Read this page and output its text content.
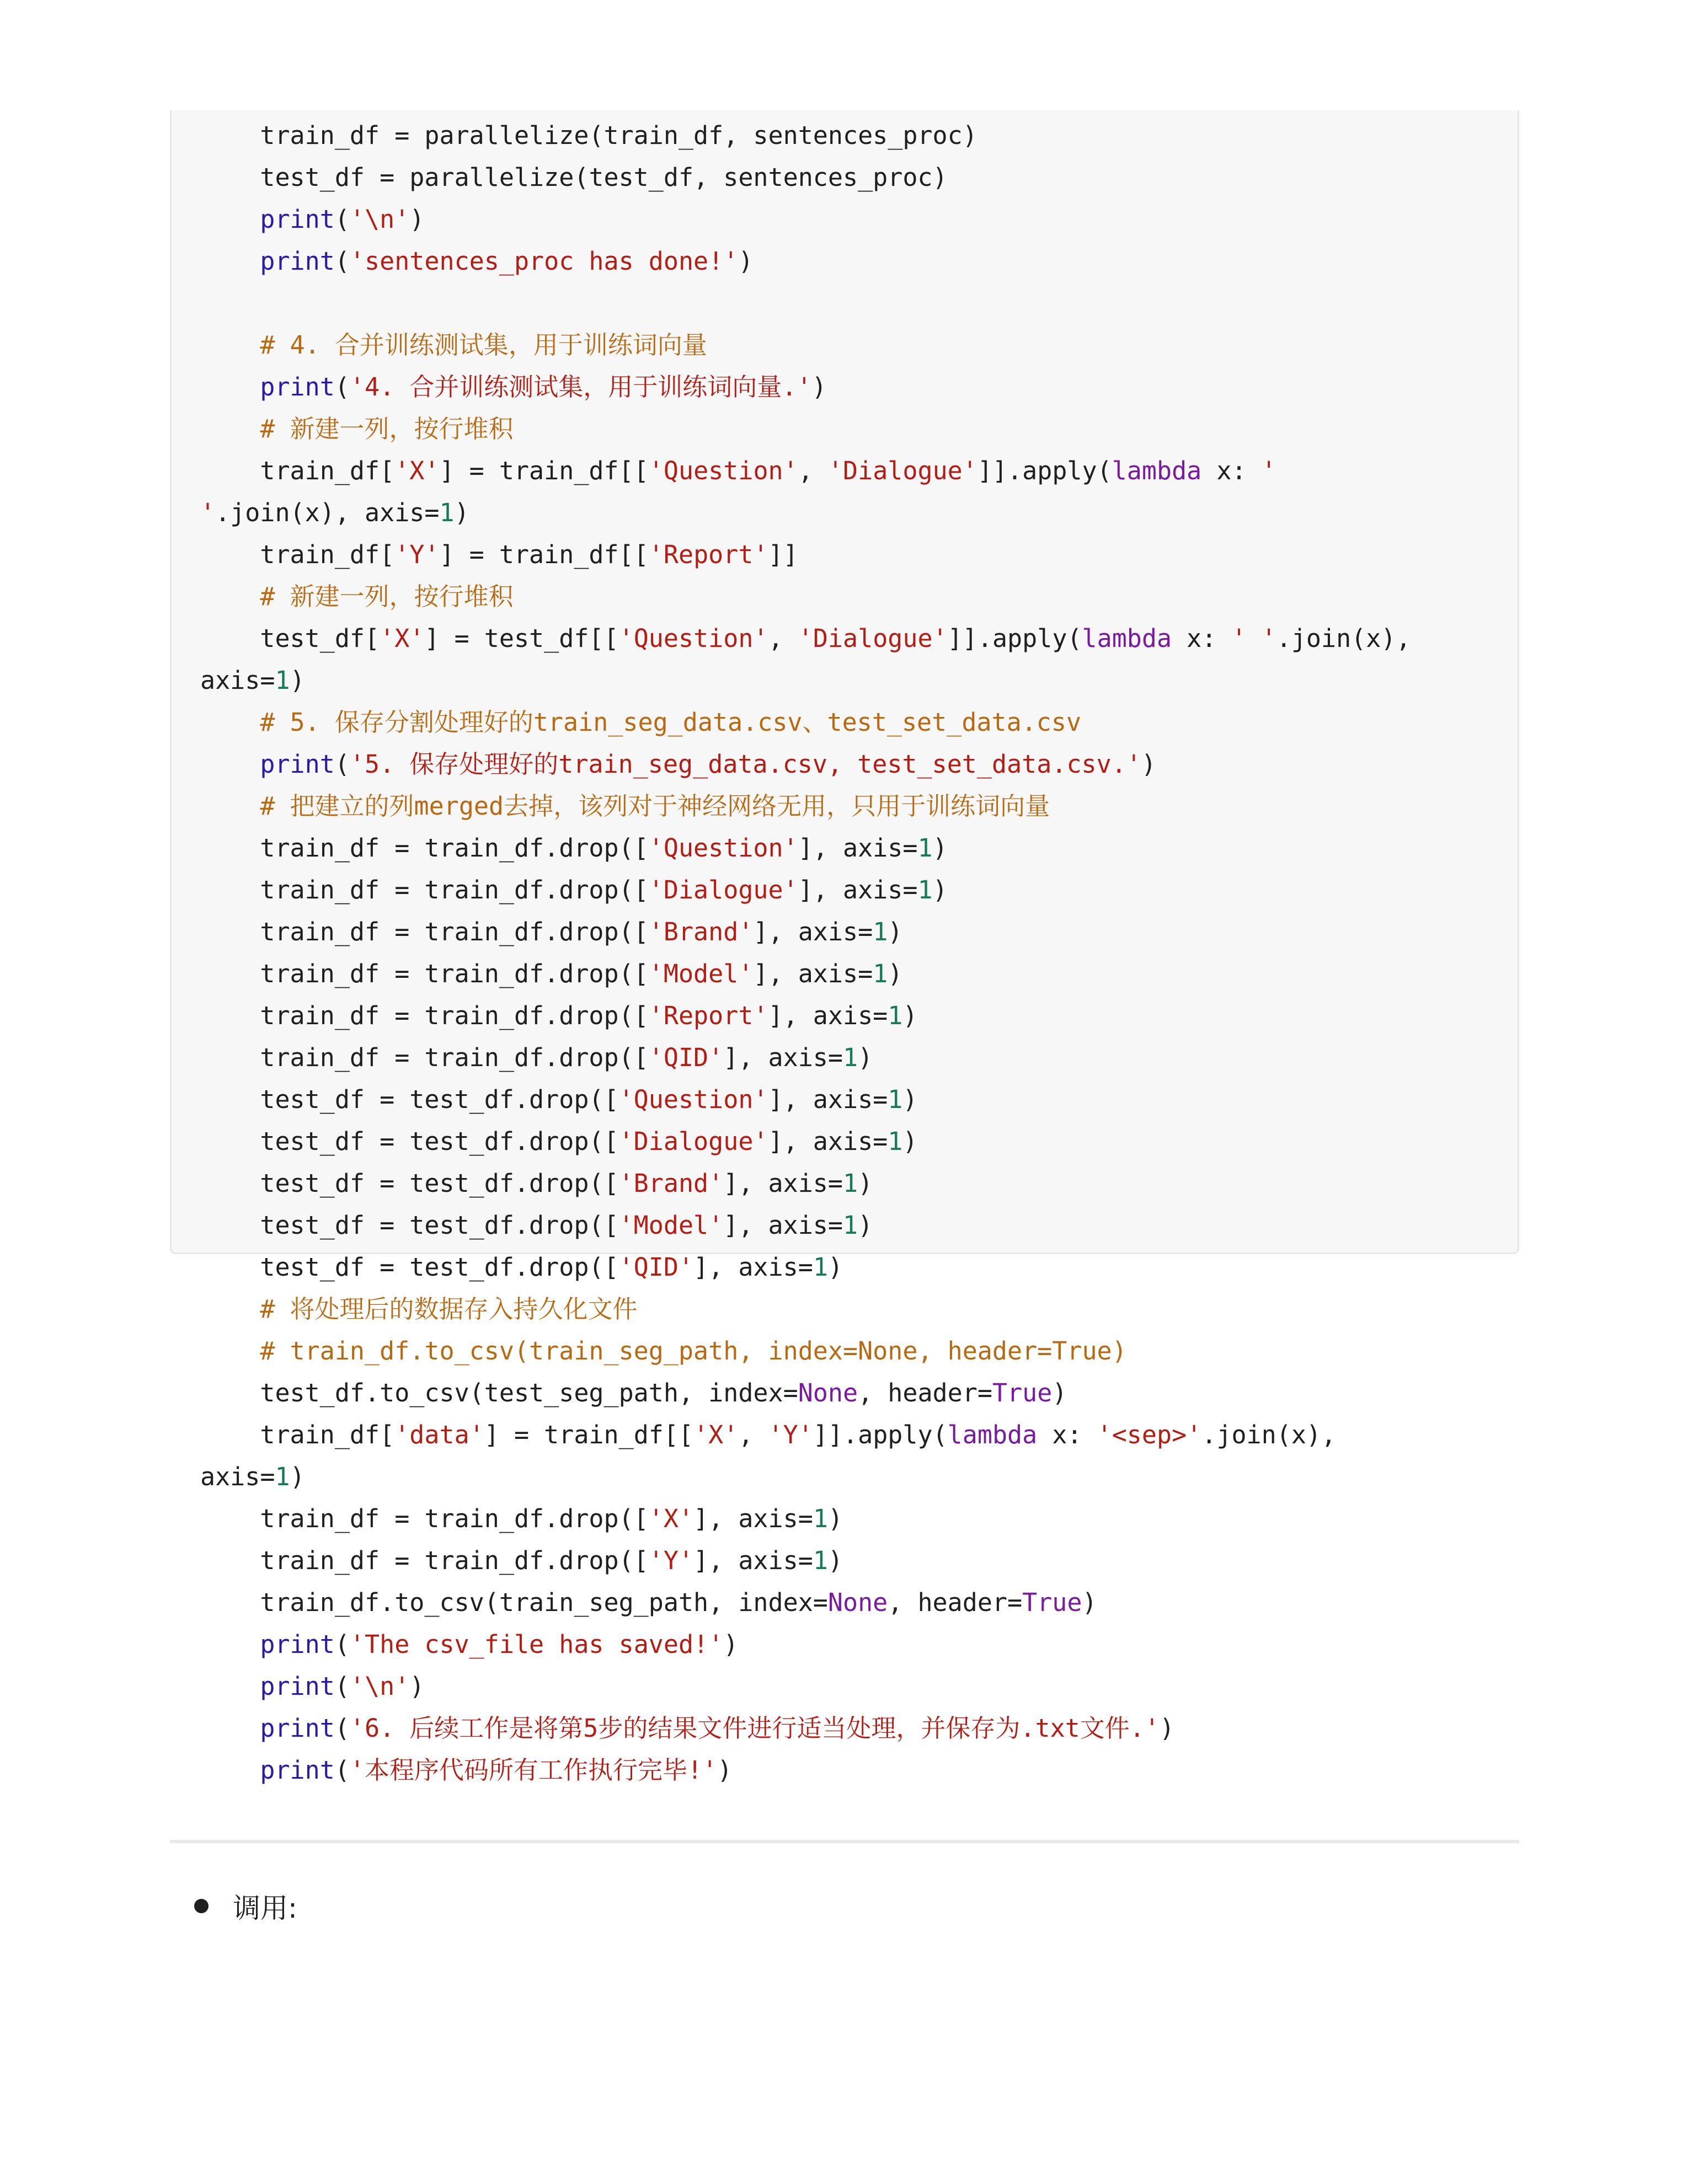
train_df = parallelize(train_df, sentences_proc)
test_df = parallelize(test_df, sentences_proc)
print('\n')
print('sentences_proc has done!')
# 4. 合并训练测试集，用于训练词向量
print('4. 合并训练测试集，用于训练词向量.')
# 新建一列，按行堆积
train_df['X'] = train_df[['Question', 'Dialogue']].apply(lambda x: '
'.join(x), axis=1)
train_df['Y'] = train_df[['Report']]
# 新建一列，按行堆积
test_df['X'] = test_df[['Question', 'Dialogue']].apply(lambda x: ' '.join(x),
axis=1)
# 5. 保存分割处理好的train_seg_data.csv、test_set_data.csv
print('5. 保存处理好的train_seg_data.csv, test_set_data.csv.')
# 把建立的列merged去掉，该列对于神经网络无用，只用于训练词向量
train_df = train_df.drop(['Question'], axis=1)
train_df = train_df.drop(['Dialogue'], axis=1)
train_df = train_df.drop(['Brand'], axis=1)
train_df = train_df.drop(['Model'], axis=1)
train_df = train_df.drop(['Report'], axis=1)
train_df = train_df.drop(['QID'], axis=1)
test_df = test_df.drop(['Question'], axis=1)
test_df = test_df.drop(['Dialogue'], axis=1)
test_df = test_df.drop(['Brand'], axis=1)
test_df = test_df.drop(['Model'], axis=1)
test_df = test_df.drop(['QID'], axis=1)
# 将处理后的数据存入持久化文件
# train_df.to_csv(train_seg_path, index=None, header=True)
test_df.to_csv(test_seg_path, index=None, header=True)
train_df['data'] = train_df[['X', 'Y']].apply(lambda x: '<sep>'.join(x),
axis=1)
train_df = train_df.drop(['X'], axis=1)
train_df = train_df.drop(['Y'], axis=1)
train_df.to_csv(train_seg_path, index=None, header=True)
print('The csv_file has saved!')
print('\n')
print('6. 后续工作是将第5步的结果文件进行适当处理，并保存为.txt文件.')
print('本程序代码所有工作执行完毕!')
调用:
